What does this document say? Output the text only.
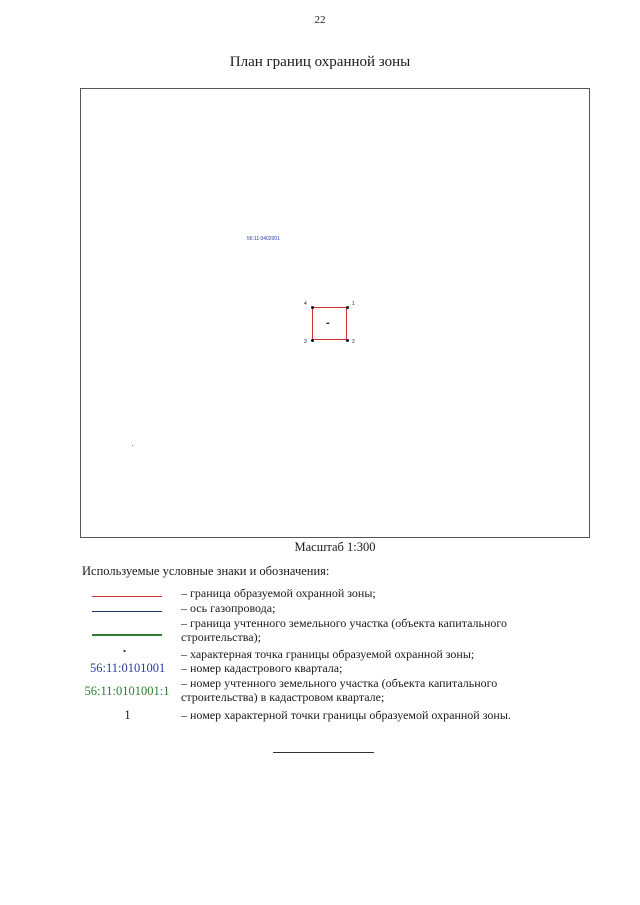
22
План границ охранной зоны
56:11:0402001
-
1
2
3
4
Масштаб 1:300
Используемые условные знаки и обозначения:
– граница образуемой охранной зоны;
– ось газопровода;
– граница учтенного земельного участка (объекта капитального строительства);
.	– характерная точка границы образуемой охранной зоны;
56:11:0101001 – номер кадастрового квартала;
56:11:0101001:1
– номер учтенного земельного участка (объекта капитального строительства) в кадастровом квартале;
1	– номер характерной точки границы образуемой охранной зоны.
